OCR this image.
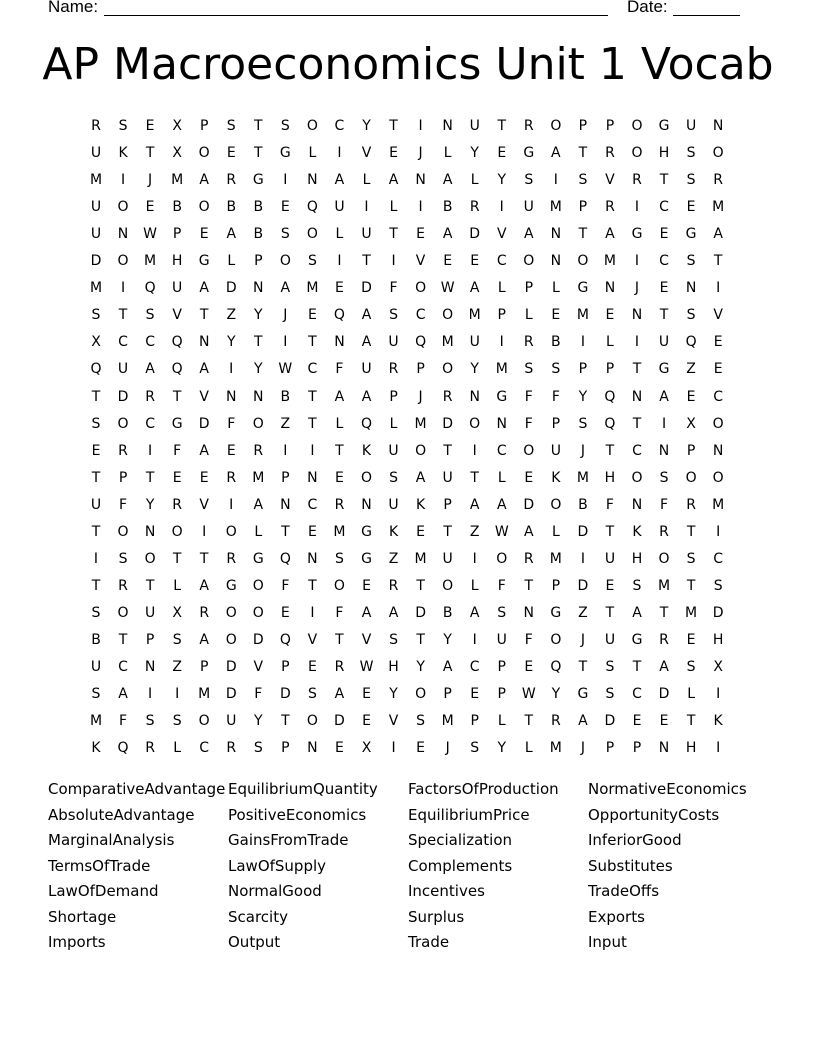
Name:	Date:
AP Macroeconomics Unit 1 Vocab
R	S	E	X	P	S	T	S	O	C	Y	T	I	N	U	T	R	O	P	P	O	G	U	N
U	K	T	X	O	E	T	G	L	I	V	E	J	L	Y	E	G	A	T	R	O	H	S	O
M	I	J	M	A	R	G	I	N	A	L	A	N	A	L	Y	S	I	S	V	R	T	S	R
U	O	E	B	O	B	B	E	Q	U	I	L	I	B	R	I	U	M	P	R	I	C	E	M
U	N	W	P	E	A	B	S	O	L	U	T	E	A	D	V	A	N	T	A	G	E	G	A
D	O	M	H	G	L	P	O	S	I	T	I	V	E	E	C	O	N	O	M	I	C	S	T
M	I	Q	U	A	D	N	A	M	E	D	F	O	W	A	L	P	L	G	N	J	E	N	I
S	T	S	V	T	Z	Y	J	E	Q	A	S	C	O	M	P	L	E	M	E	N	T	S	V
X	C	C	Q	N	Y	T	I	T	N	A	U	Q	M	U	I	R	B	I	L	I	U	Q	E
Q	U	A	Q	A	I	Y	W	C	F	U	R	P	O	Y	M	S	S	P	P	T	G	Z	E
T	D	R	T	V	N	N	B	T	A	A	P	J	R	N	G	F	F	Y	Q	N	A	E	C
S	O	C	G	D	F	O	Z	T	L	Q	L	M	D	O	N	F	P	S	Q	T	I	X	O
E	R	I	F	A	E	R	I	I	T	K	U	O	T	I	C	O	U	J	T	C	N	P	N
T	P	T	E	E	R	M	P	N	E	O	S	A	U	T	L	E	K	M	H	O	S	O	O
U	F	Y	R	V	I	A	N	C	R	N	U	K	P	A	A	D	O	B	F	N	F	R	M
T	O	N	O	I	O	L	T	E	M	G	K	E	T	Z	W	A	L	D	T	K	R	T	I
I	S	O	T	T	R	G	Q	N	S	G	Z	M	U	I	O	R	M	I	U	H	O	S	C
T	R	T	L	A	G	O	F	T	O	E	R	T	O	L	F	T	P	D	E	S	M	T	S
S	O	U	X	R	O	O	E	I	F	A	A	D	B	A	S	N	G	Z	T	A	T	M	D
B	T	P	S	A	O	D	Q	V	T	V	S	T	Y	I	U	F	O	J	U	G	R	E	H
U	C	N	Z	P	D	V	P	E	R	W	H	Y	A	C	P	E	Q	T	S	T	A	S	X
S	A	I	I	M	D	F	D	S	A	E	Y	O	P	E	P	W	Y	G	S	C	D	L	I
M	F	S	S	O	U	Y	T	O	D	E	V	S	M	P	L	T	R	A	D	E	E	T	K
K	Q	R	L	C	R	S	P	N	E	X	I	E	J	S	Y	L	M	J	P	P	N	H	I
ComparativeAdvantage
AbsoluteAdvantage
MarginalAnalysis
TermsOfTrade
LawOfDemand
Shortage
Imports
EquilibriumQuantity
PositiveEconomics
GainsFromTrade
LawOfSupply
NormalGood
Scarcity
Output
FactorsOfProduction
EquilibriumPrice
Specialization
Complements
Incentives
Surplus
Trade
NormativeEconomics
OpportunityCosts
InferiorGood
Substitutes
TradeOffs
Exports
Input
